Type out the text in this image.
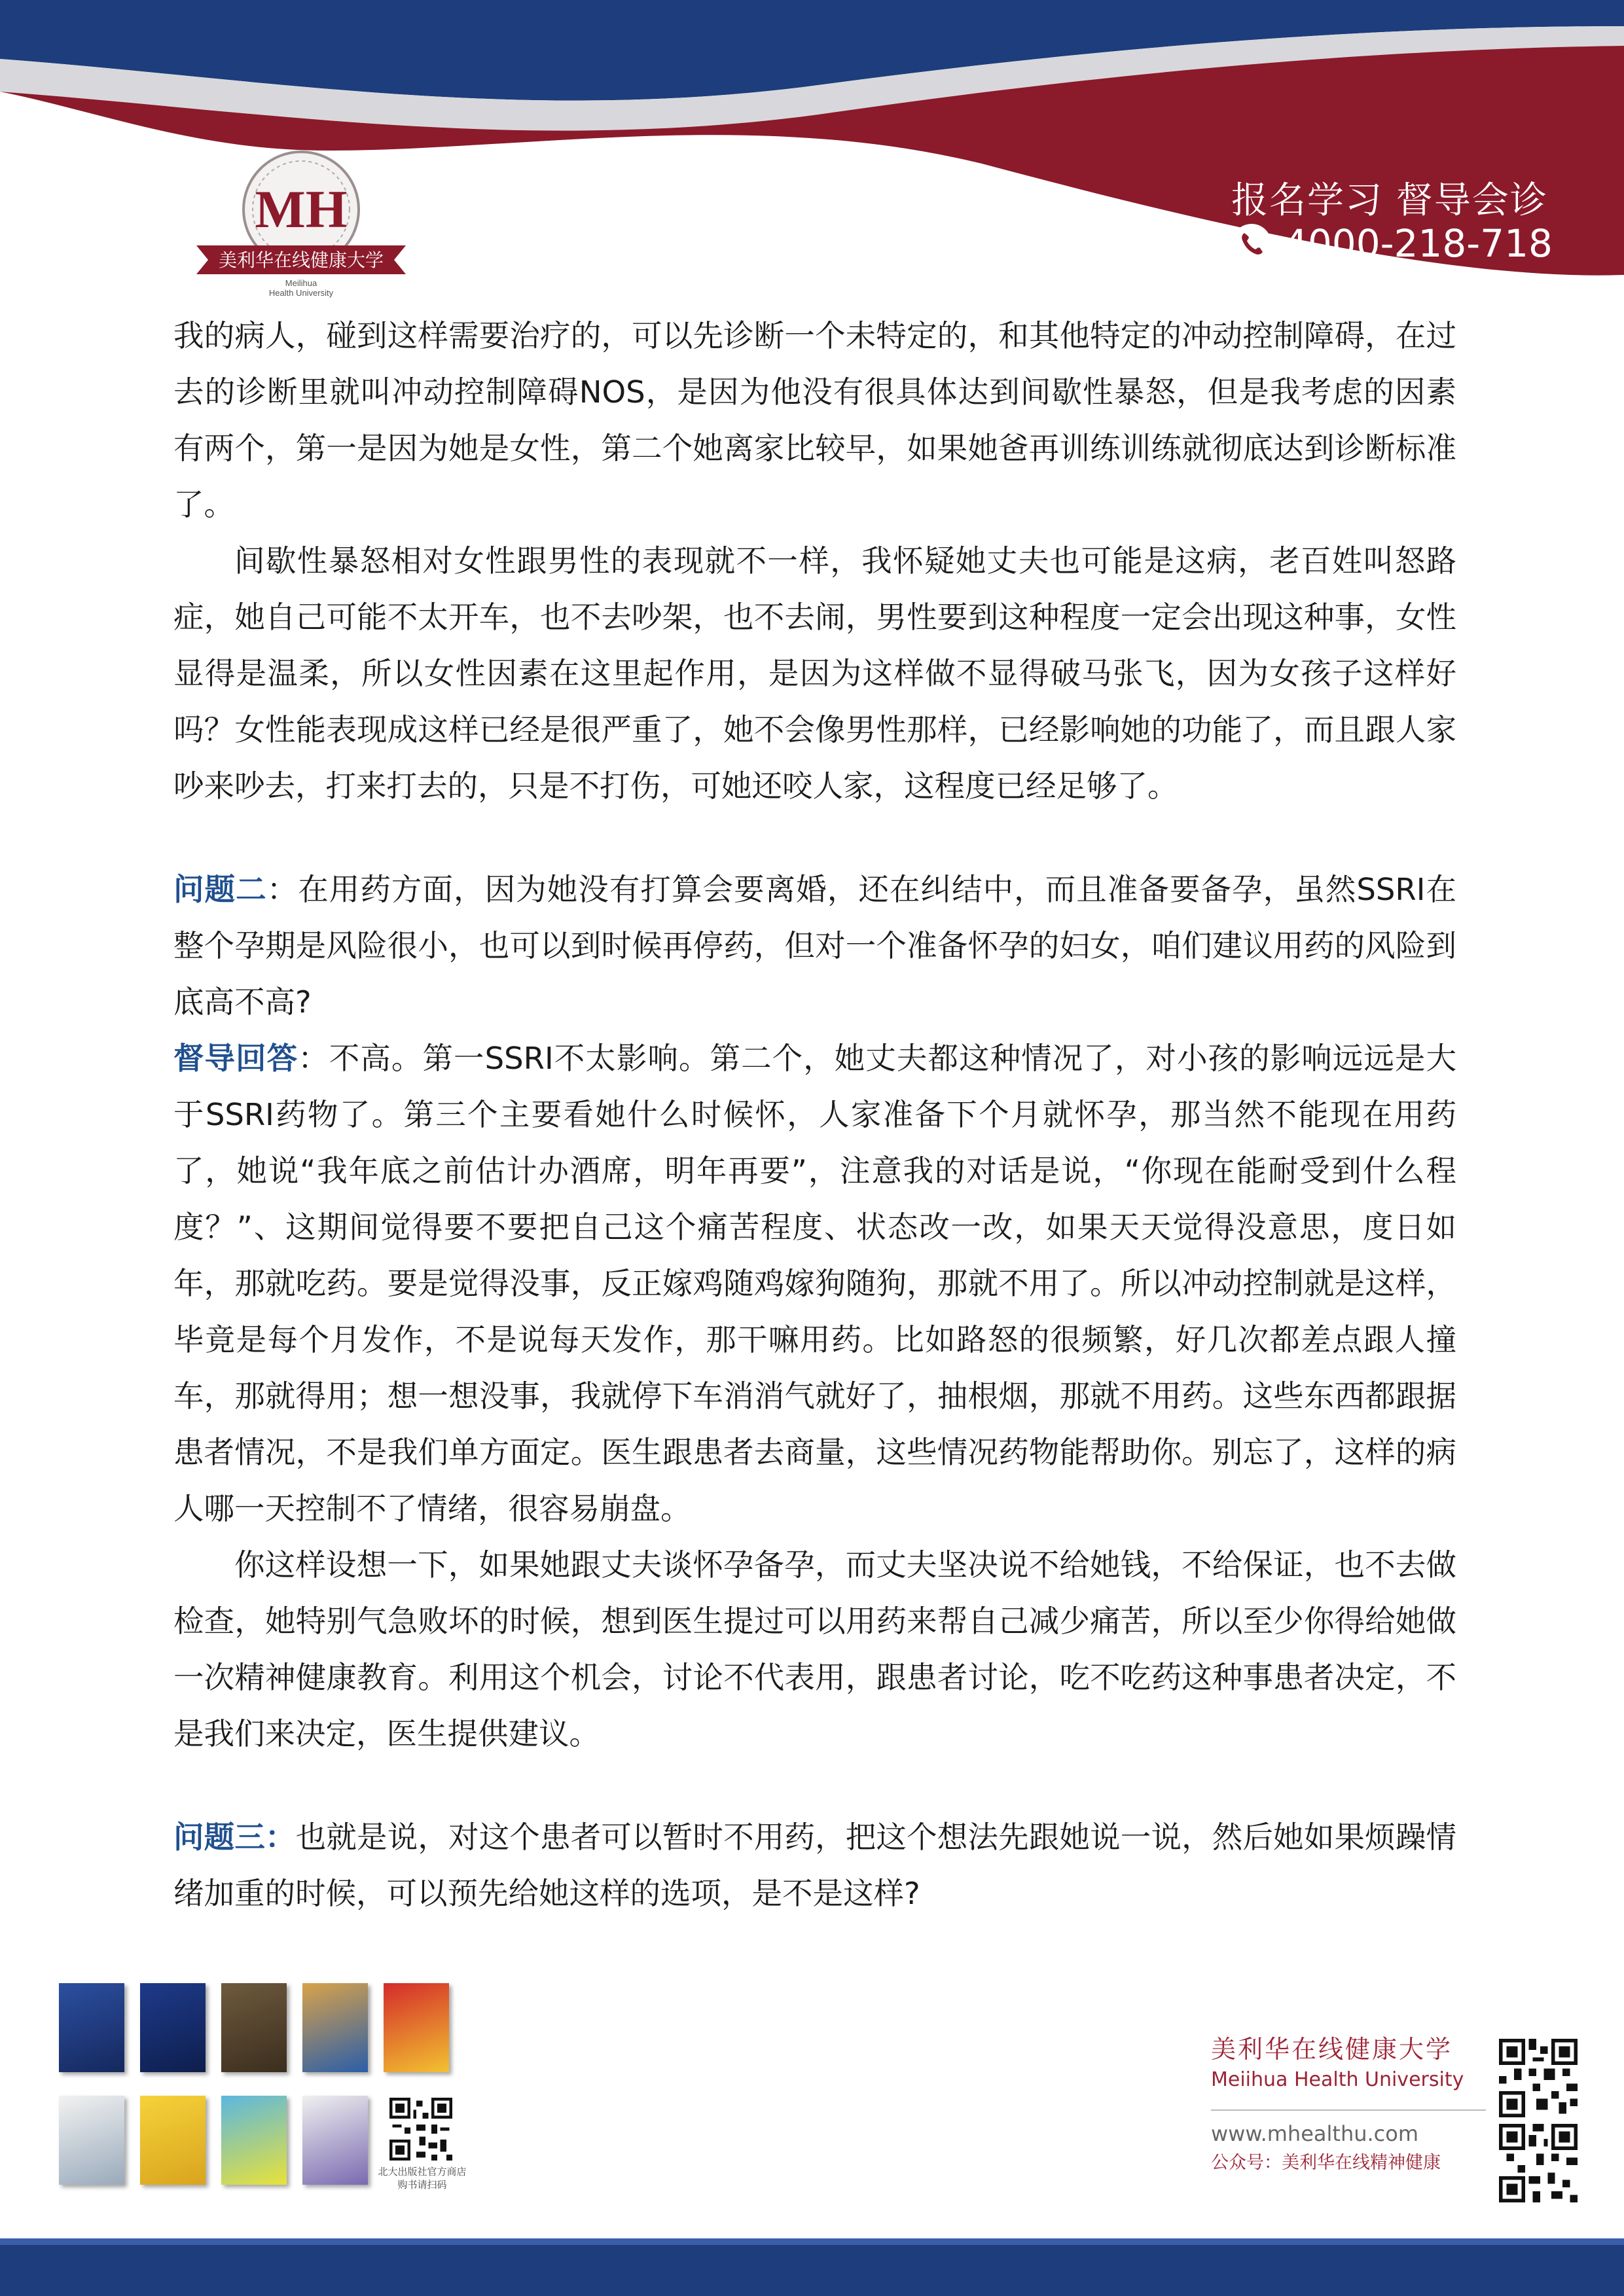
MH
美利华在线健康大学
Meilihua
Health University
报名学习 督导会诊
4000-218-718

我的病人，碰到这样需要治疗的，可以先诊断一个未特定的，和其他特定的冲动控制障碍，在过去的诊断里就叫冲动控制障碍NOS，是因为他没有很具体达到间歇性暴怒，但是我考虑的因素有两个，第一是因为她是女性，第二个她离家比较早，如果她爸再训练训练就彻底达到诊断标准了。

间歇性暴怒相对女性跟男性的表现就不一样，我怀疑她丈夫也可能是这病，老百姓叫怒路症，她自己可能不太开车，也不去吵架，也不去闹，男性要到这种程度一定会出现这种事，女性显得是温柔，所以女性因素在这里起作用，是因为这样做不显得破马张飞，因为女孩子这样好吗？女性能表现成这样已经是很严重了，她不会像男性那样，已经影响她的功能了，而且跟人家吵来吵去，打来打去的，只是不打伤，可她还咬人家，这程度已经足够了。

问题二：在用药方面，因为她没有打算会要离婚，还在纠结中，而且准备要备孕，虽然SSRI在整个孕期是风险很小，也可以到时候再停药，但对一个准备怀孕的妇女，咱们建议用药的风险到底高不高?

督导回答：不高。第一SSRI不太影响。第二个，她丈夫都这种情况了，对小孩的影响远远是大于SSRI药物了。第三个主要看她什么时候怀，人家准备下个月就怀孕，那当然不能现在用药了，她说“我年底之前估计办酒席，明年再要”，注意我的对话是说，“你现在能耐受到什么程度？”、这期间觉得要不要把自己这个痛苦程度、状态改一改，如果天天觉得没意思，度日如年，那就吃药。要是觉得没事，反正嫁鸡随鸡嫁狗随狗，那就不用了。所以冲动控制就是这样，毕竟是每个月发作，不是说每天发作，那干嘛用药。比如路怒的很频繁，好几次都差点跟人撞车，那就得用；想一想没事，我就停下车消消气就好了，抽根烟，那就不用药。这些东西都跟据患者情况，不是我们单方面定。医生跟患者去商量，这些情况药物能帮助你。别忘了，这样的病人哪一天控制不了情绪，很容易崩盘。

你这样设想一下，如果她跟丈夫谈怀孕备孕，而丈夫坚决说不给她钱，不给保证，也不去做检查，她特别气急败坏的时候，想到医生提过可以用药来帮自己减少痛苦，所以至少你得给她做一次精神健康教育。利用这个机会，讨论不代表用，跟患者讨论，吃不吃药这种事患者决定，不是我们来决定，医生提供建议。

问题三：也就是说，对这个患者可以暂时不用药，把这个想法先跟她说一说，然后她如果烦躁情绪加重的时候，可以预先给她这样的选项，是不是这样?

北大出版社官方商店购书请扫码
美利华在线健康大学
Meiihua Health University
www.mhealthu.com
公众号：美利华在线精神健康
